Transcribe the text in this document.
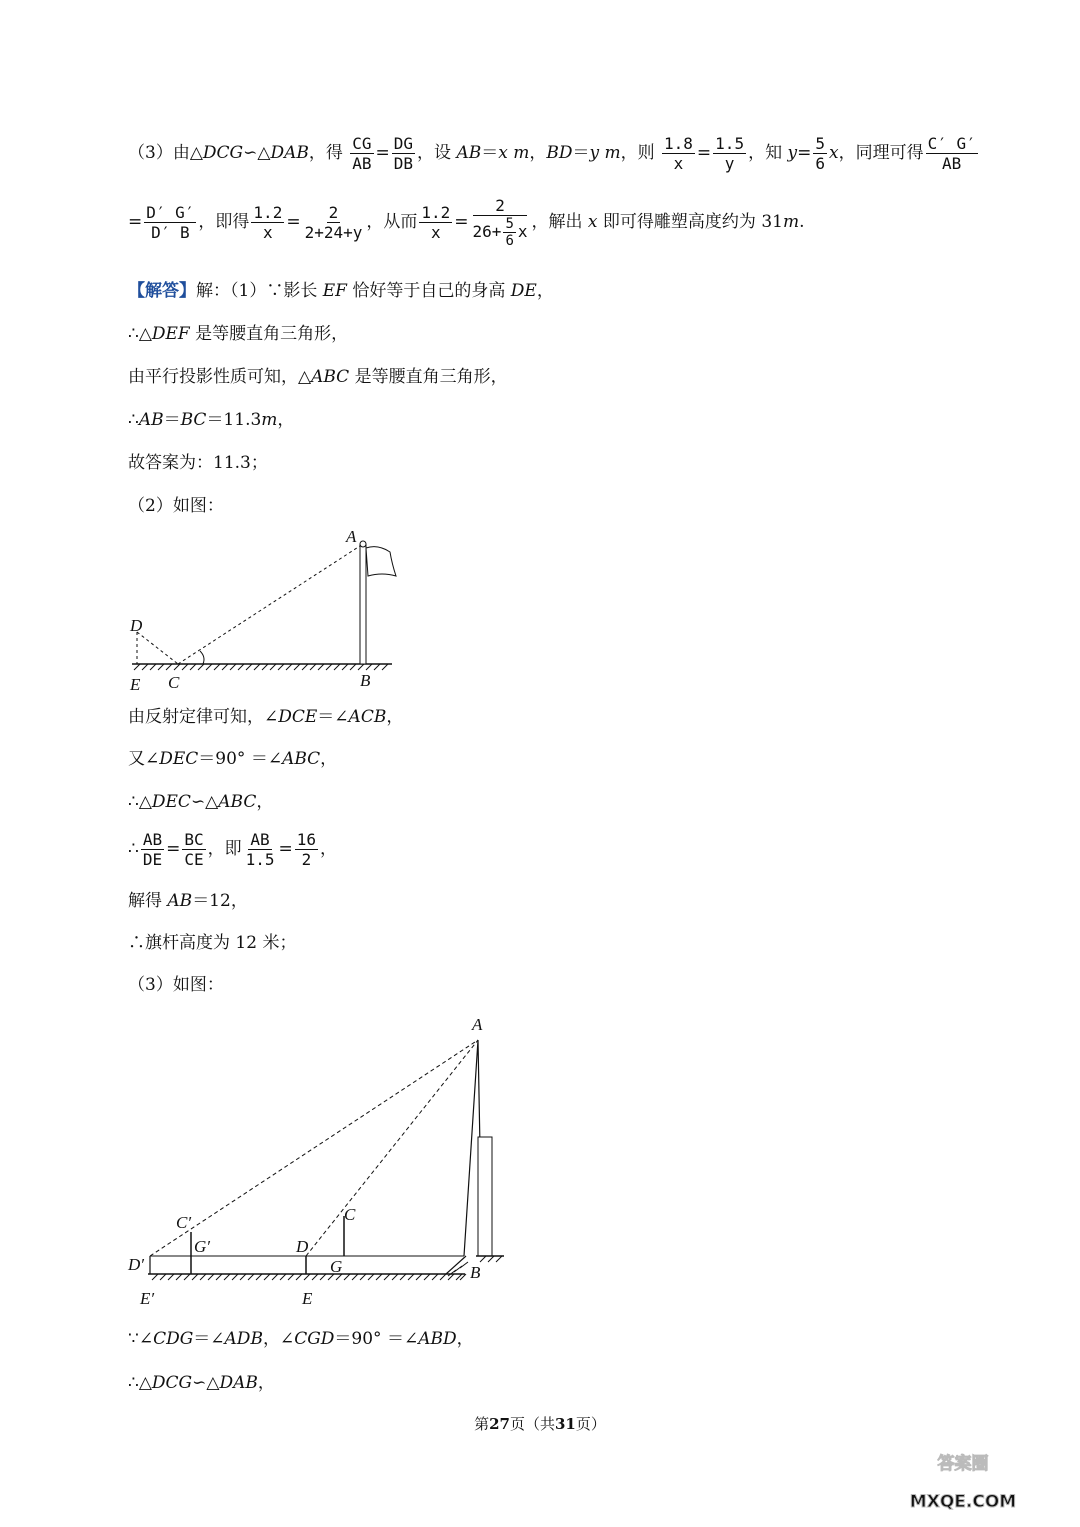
（3）由△DCG∽△DAB，得 $\frac{CG}{AB} = \frac{DG}{DB}$ ，设 AB＝x m，BD＝y m，则 $\frac{1.8}{x} = \frac{1.5}{y}$ ，知 $y= \frac{5}{6}$ x，同理可得 $\frac{C' G'}{AB}$
= $\frac{D' G'}{D' B}$ ，即得 $\frac{1.2}{x} = \frac{2}{2+24+y}$ ，从而 $\frac{1.2}{x} = \frac{2}{26+ \frac{5}{6} x}$ ，解出 x 即可得雕塑高度约为 31m.
【解答】解：（1）∵影长 EF 恰好等于自己的身高 DE，
∴△DEF 是等腰直角三角形，
由平行投影性质可知，△ABC 是等腰直角三角形，
∴AB＝BC＝11.3m，
故答案为：11.3；
（2）如图：
A
D
E C	B
由反射定律可知，∠DCE＝∠ACB，
又∠DEC＝90° ＝∠ABC，
∴△DEC∽△ABC，
∴ $\frac{AB}{DE} = \frac{BC}{CE}$ ，即 $\frac{AB}{1.5} = \frac{16}{2}$ ，
解得 AB＝12，
∴旗杆高度为 12 米；
（3）如图：
A
C
C′
G′
D′
D
G	B
E′	E
∵∠CDG＝∠ADB，∠CGD＝90° ＝∠ABD，
∴△DCG∽△DAB，
第27页（共31页）
答案圈
MXQE.COM
